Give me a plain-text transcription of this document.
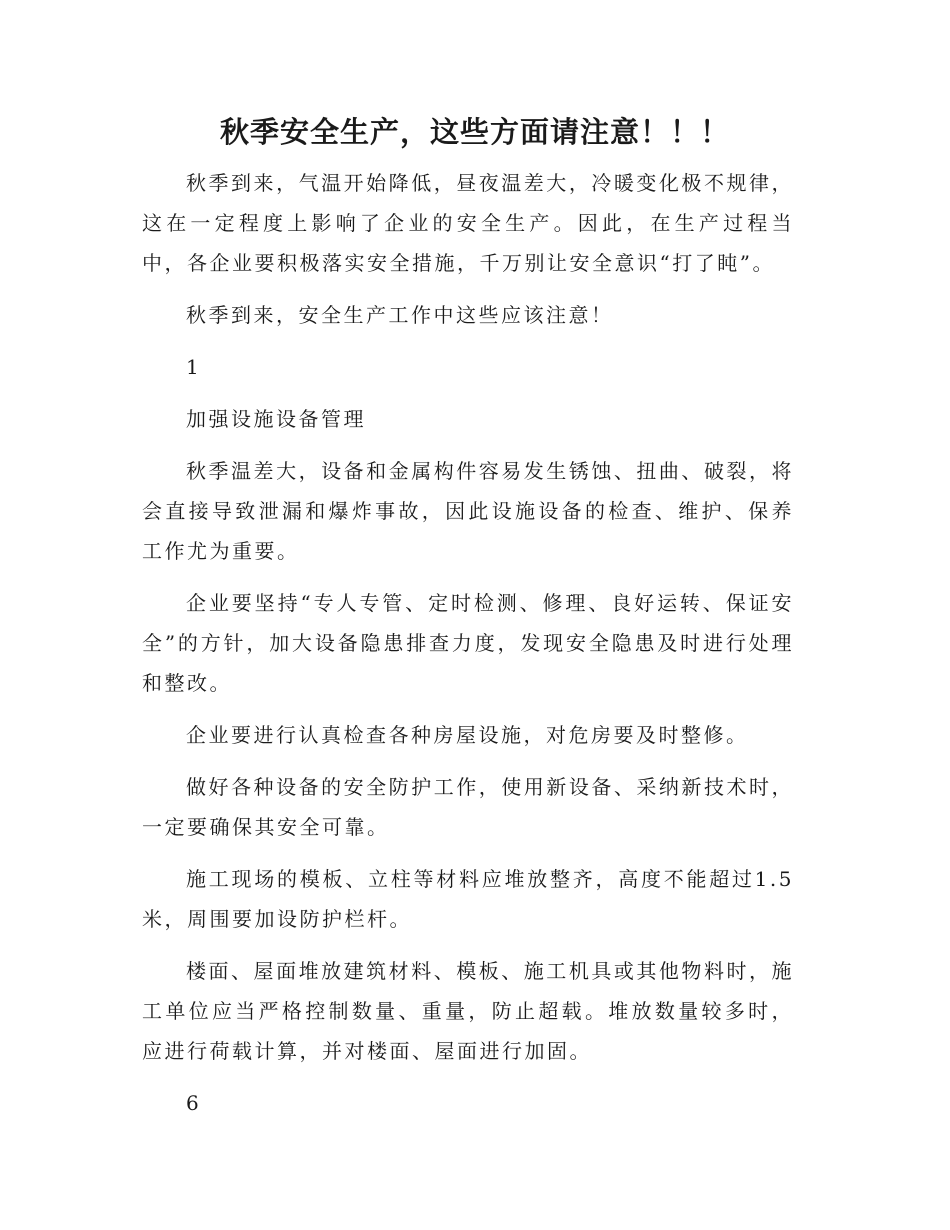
秋季安全生产，这些方面请注意！！！

秋季到来，气温开始降低，昼夜温差大，冷暖变化极不规律，这在一定程度上影响了企业的安全生产。因此，在生产过程当中，各企业要积极落实安全措施，千万别让安全意识“打了盹”。

秋季到来，安全生产工作中这些应该注意！

1

加强设施设备管理

秋季温差大，设备和金属构件容易发生锈蚀、扭曲、破裂，将会直接导致泄漏和爆炸事故，因此设施设备的检查、维护、保养工作尤为重要。

企业要坚持“专人专管、定时检测、修理、良好运转、保证安全”的方针，加大设备隐患排查力度，发现安全隐患及时进行处理和整改。

企业要进行认真检查各种房屋设施，对危房要及时整修。

做好各种设备的安全防护工作，使用新设备、采纳新技术时，一定要确保其安全可靠。

施工现场的模板、立柱等材料应堆放整齐，高度不能超过1.5米，周围要加设防护栏杆。

楼面、屋面堆放建筑材料、模板、施工机具或其他物料时，施工单位应当严格控制数量、重量，防止超载。堆放数量较多时，应进行荷载计算，并对楼面、屋面进行加固。

6
